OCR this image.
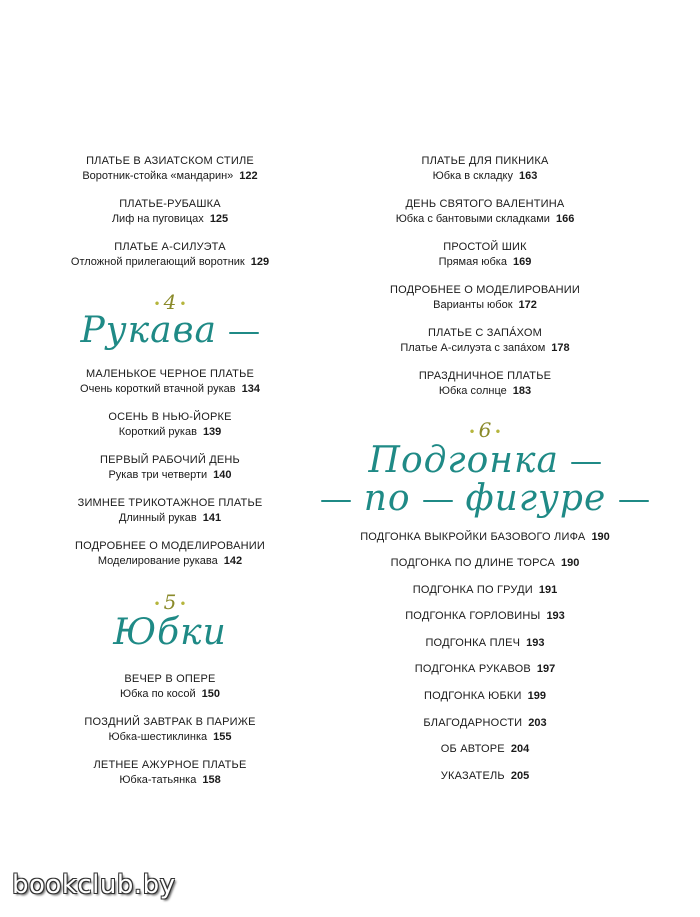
ПЛАТЬЕ В АЗИАТСКОМ СТИЛЕ
Воротник-стойка «мандарин» 122
ПЛАТЬЕ-РУБАШКА
Лиф на пуговицах 125
ПЛАТЬЕ А-СИЛУЭТА
Отложной прилегающий воротник 129
• 4 •
Рукава
МАЛЕНЬКОЕ ЧЕРНОЕ ПЛАТЬЕ
Очень короткий втачной рукав 134
ОСЕНЬ В НЬЮ-ЙОРКЕ
Короткий рукав 139
ПЕРВЫЙ РАБОЧИЙ ДЕНЬ
Рукав три четверти 140
ЗИМНЕЕ ТРИКОТАЖНОЕ ПЛАТЬЕ
Длинный рукав 141
ПОДРОБНЕЕ О МОДЕЛИРОВАНИИ
Моделирование рукава 142
• 5 •
Юбки
ВЕЧЕР В ОПЕРЕ
Юбка по косой 150
ПОЗДНИЙ ЗАВТРАК В ПАРИЖЕ
Юбка-шестиклинка 155
ЛЕТНЕЕ АЖУРНОЕ ПЛАТЬЕ
Юбка-татьянка 158
ПЛАТЬЕ ДЛЯ ПИКНИКА
Юбка в складку 163
ДЕНЬ СВЯТОГО ВАЛЕНТИНА
Юбка с бантовыми складками 166
ПРОСТОЙ ШИК
Прямая юбка 169
ПОДРОБНЕЕ О МОДЕЛИРОВАНИИ
Варианты юбок 172
ПЛАТЬЕ С ЗАПÁХОМ
Платье А-силуэта с запáхом 178
ПРАЗДНИЧНОЕ ПЛАТЬЕ
Юбка солнце 183
• 6 •
Подгонка
по фигуре
ПОДГОНКА ВЫКРОЙКИ БАЗОВОГО ЛИФА 190
ПОДГОНКА ПО ДЛИНЕ ТОРСА 190
ПОДГОНКА ПО ГРУДИ 191
ПОДГОНКА ГОРЛОВИНЫ 193
ПОДГОНКА ПЛЕЧ 193
ПОДГОНКА РУКАВОВ 197
ПОДГОНКА ЮБКИ 199
БЛАГОДАРНОСТИ 203
ОБ АВТОРЕ 204
УКАЗАТЕЛЬ 205
bookclub.by
